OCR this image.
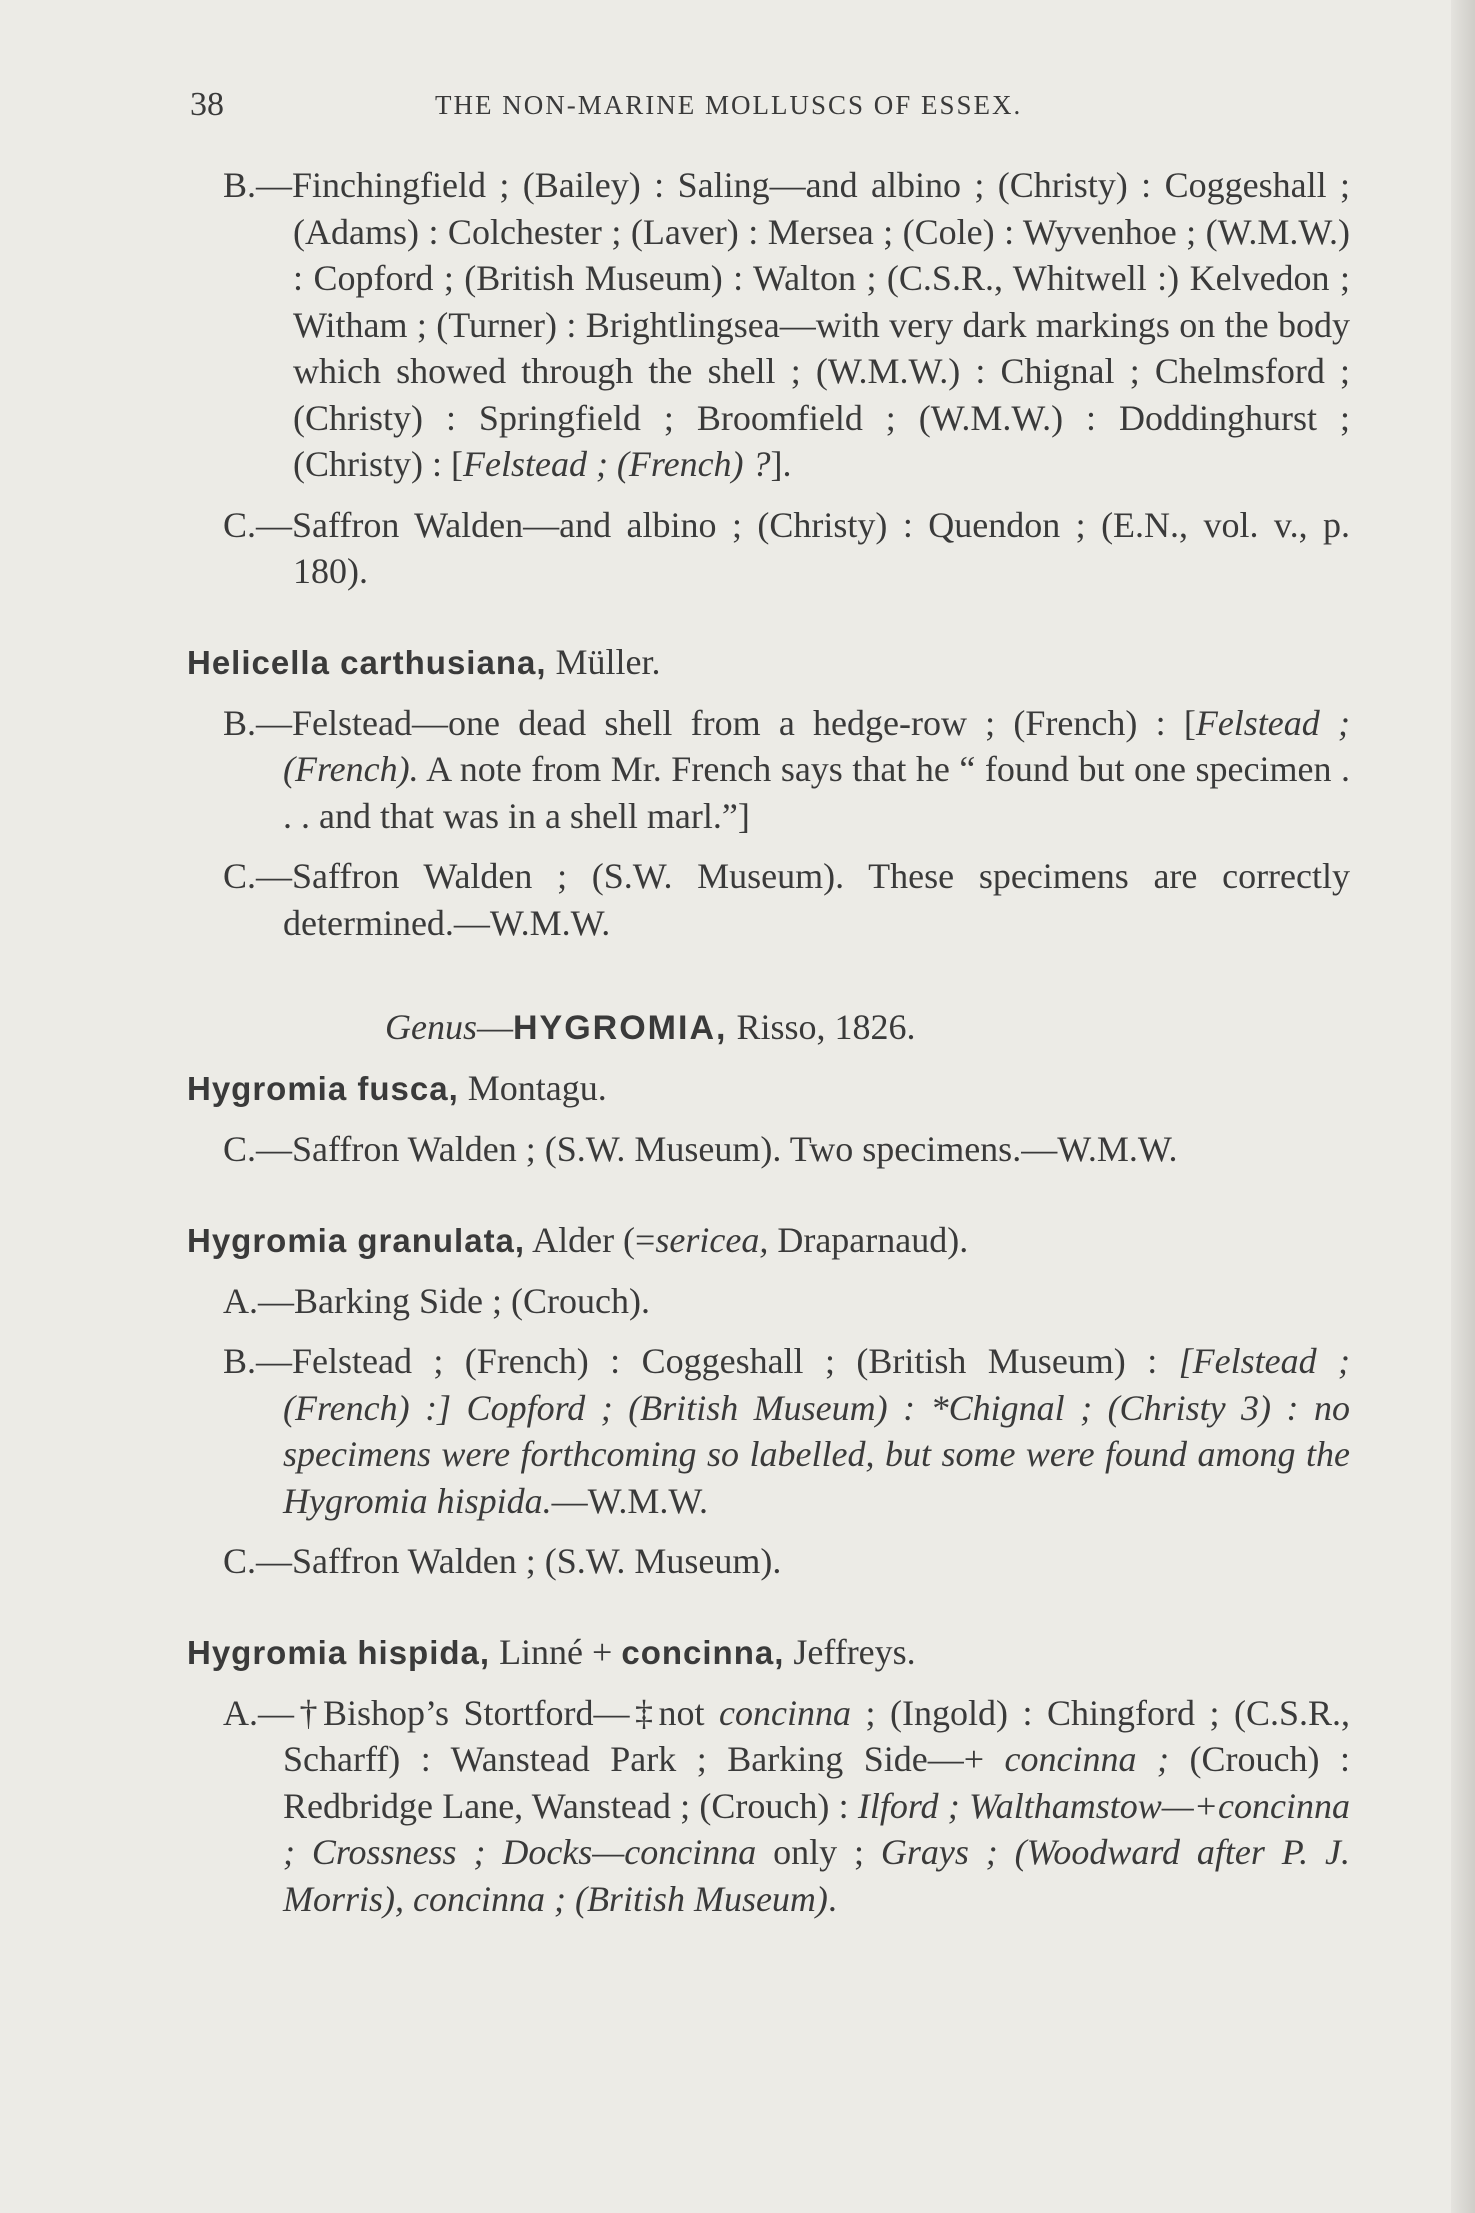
38	THE NON-MARINE MOLLUSCS OF ESSEX.

B.—Finchingfield ; (Bailey) : Saling—and albino ; (Christy) : Coggeshall ; (Adams) : Colchester ; (Laver) : Mersea ; (Cole) : Wyvenhoe ; (W.M.W.) : Copford ; (British Museum) : Walton ; (C.S.R., Whitwell :) Kelvedon ; Witham ; (Turner) : Brightlingsea—with very dark markings on the body which showed through the shell ; (W.M.W.) : Chignal ; Chelmsford ; (Christy) : Springfield ; Broomfield ; (W.M.W.) : Doddinghurst ; (Christy) : [Felstead ; (French) ?].

C.—Saffron Walden—and albino ; (Christy) : Quendon ; (E.N., vol. v., p. 180).

Helicella carthusiana, Müller.

B.—Felstead—one dead shell from a hedge-row ; (French) : [Felstead ; (French). A note from Mr. French says that he “ found but one specimen . . . and that was in a shell marl.”]

C.—Saffron Walden ; (S.W. Museum). These specimens are correctly determined.—W.M.W.

Genus—HYGROMIA, Risso, 1826.

Hygromia fusca, Montagu.

C.—Saffron Walden ; (S.W. Museum). Two specimens.—W.M.W.

Hygromia granulata, Alder (=sericea, Draparnaud).

A.—Barking Side ; (Crouch).

B.—Felstead ; (French) : Coggeshall ; (British Museum) : [Felstead ; (French) :] Copford ; (British Museum) : *Chignal ; (Christy 3) : no specimens were forthcoming so labelled, but some were found among the Hygromia hispida.—W.M.W.

C.—Saffron Walden ; (S.W. Museum).

Hygromia hispida, Linné + concinna, Jeffreys.

A.—†Bishop’s Stortford—‡not concinna ; (Ingold) : Chingford ; (C.S.R., Scharff) : Wanstead Park ; Barking Side—+ concinna ; (Crouch) : Redbridge Lane, Wanstead ; (Crouch) : Ilford ; Walthamstow—+concinna ; Crossness ; Docks—concinna only ; Grays ; (Woodward after P. J. Morris), concinna ; (British Museum).
